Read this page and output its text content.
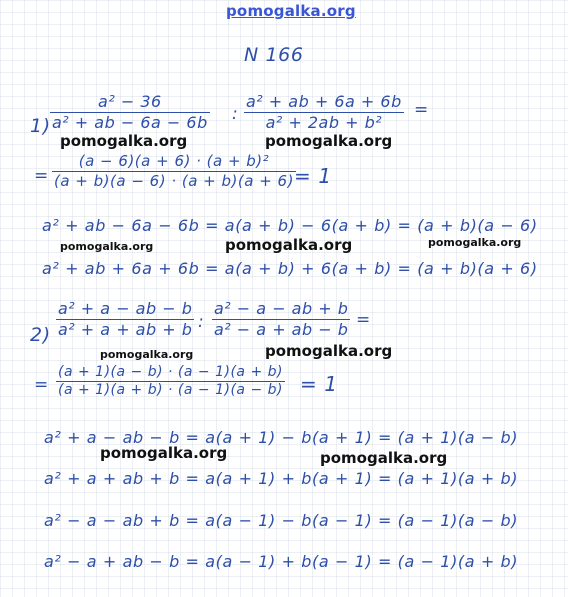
pomogalka.org
N 166
$1) \frac{\text{a² − 36}}{\text{a² + ab − 6a − 6b}}$ : $\frac{\text{a² + ab + 6a + 6b}}{\text{a² + 2ab + b²}}$ =
= $\frac{\text{(a − 6)(a + 6) · (a + b)²}}{(a + b)(a - 6) \cdot (a + b)(a + 6)}$
= 1
a² + ab − 6a − 6b = a(a + b) − 6(a + b) = (a + b)(a − 6)
a² + ab + 6a + 6b = a(a + b) + 6(a + b) = (a + b)(a + 6)
$2) \frac{\text{a² + a − ab − b}}{\text{a² + a + ab + b}}$ : $\frac{\text{a² − a − ab + b}}{\text{a² − a + ab − b}}$ =
= $\frac{(a + 1)(a - b) \cdot (a - 1)(a + b)}{(a + 1)(a + b) \cdot (a - 1)(a - b)} = 1$
a² + a − ab − b = a(a + 1) − b(a + 1) = (a + 1)(a − b)
a² + a + ab + b = a(a + 1) + b(a + 1) = (a + 1)(a + b)
a² − a − ab + b = a(a − 1) − b(a − 1) = (a − 1)(a − b)
a² − a + ab − b = a(a − 1) + b(a − 1) = (a − 1)(a + b)
pomogalka.org	pomogalka.org
pomogalka.org	pomogalka.org	pomogalka.org
pomogalka.org	pomogalka.org
pomogalka.org	pomogalka.org
